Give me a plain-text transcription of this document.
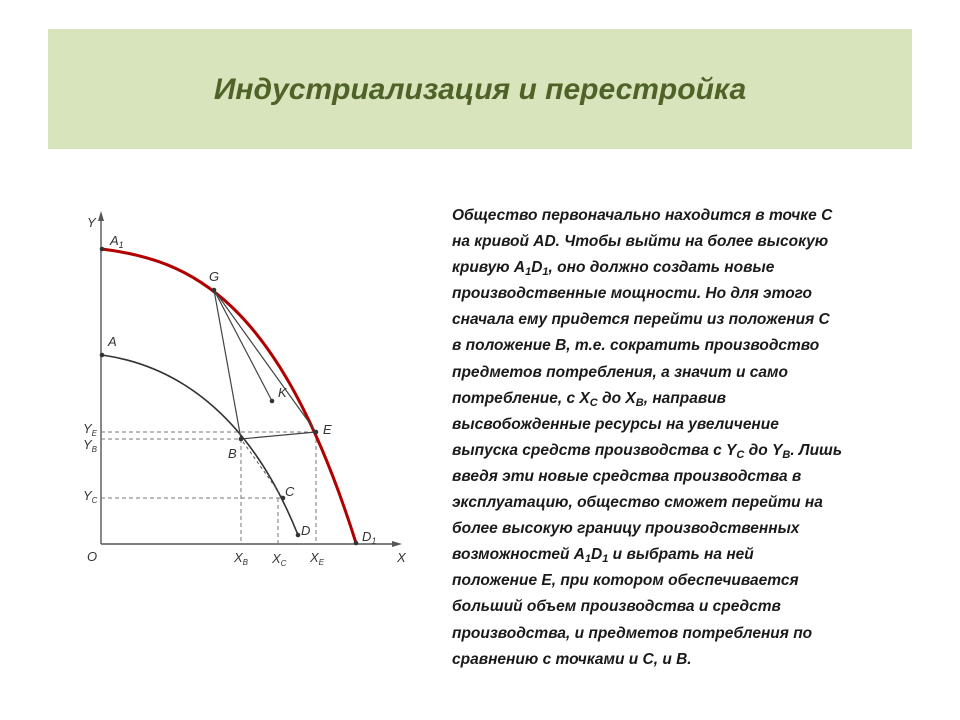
Индустриализация и перестройка
Y
X
O
$A_1$
A
G
K
E
B
C
D	$D_1$
$Y_E$
$Y_B$
$Y_C$
$X_B$ $X_C$ $X_E$
Общество первоначально находится в точке С
на кривой AD. Чтобы выйти на более высокую
кривую $A_1D_1$, оно должно создать новые
производственные мощности. Но для этого
сначала ему придется перейти из положения С
в положение В, т.е. сократить производство
предметов потребления, а значит и само
потребление, с $X_C$ до $X_B$, направив
высвобожденные ресурсы на увеличение
выпуска средств производства с $Y_C$ до $Y_B$. Лишь
введя эти новые средства производства в
эксплуатацию, общество сможет перейти на
более высокую границу производственных
возможностей $A_1D_1$ и выбрать на ней
положение Е, при котором обеспечивается
больший объем производства и средств
производства, и предметов потребления по
сравнению с точками и С, и В.
